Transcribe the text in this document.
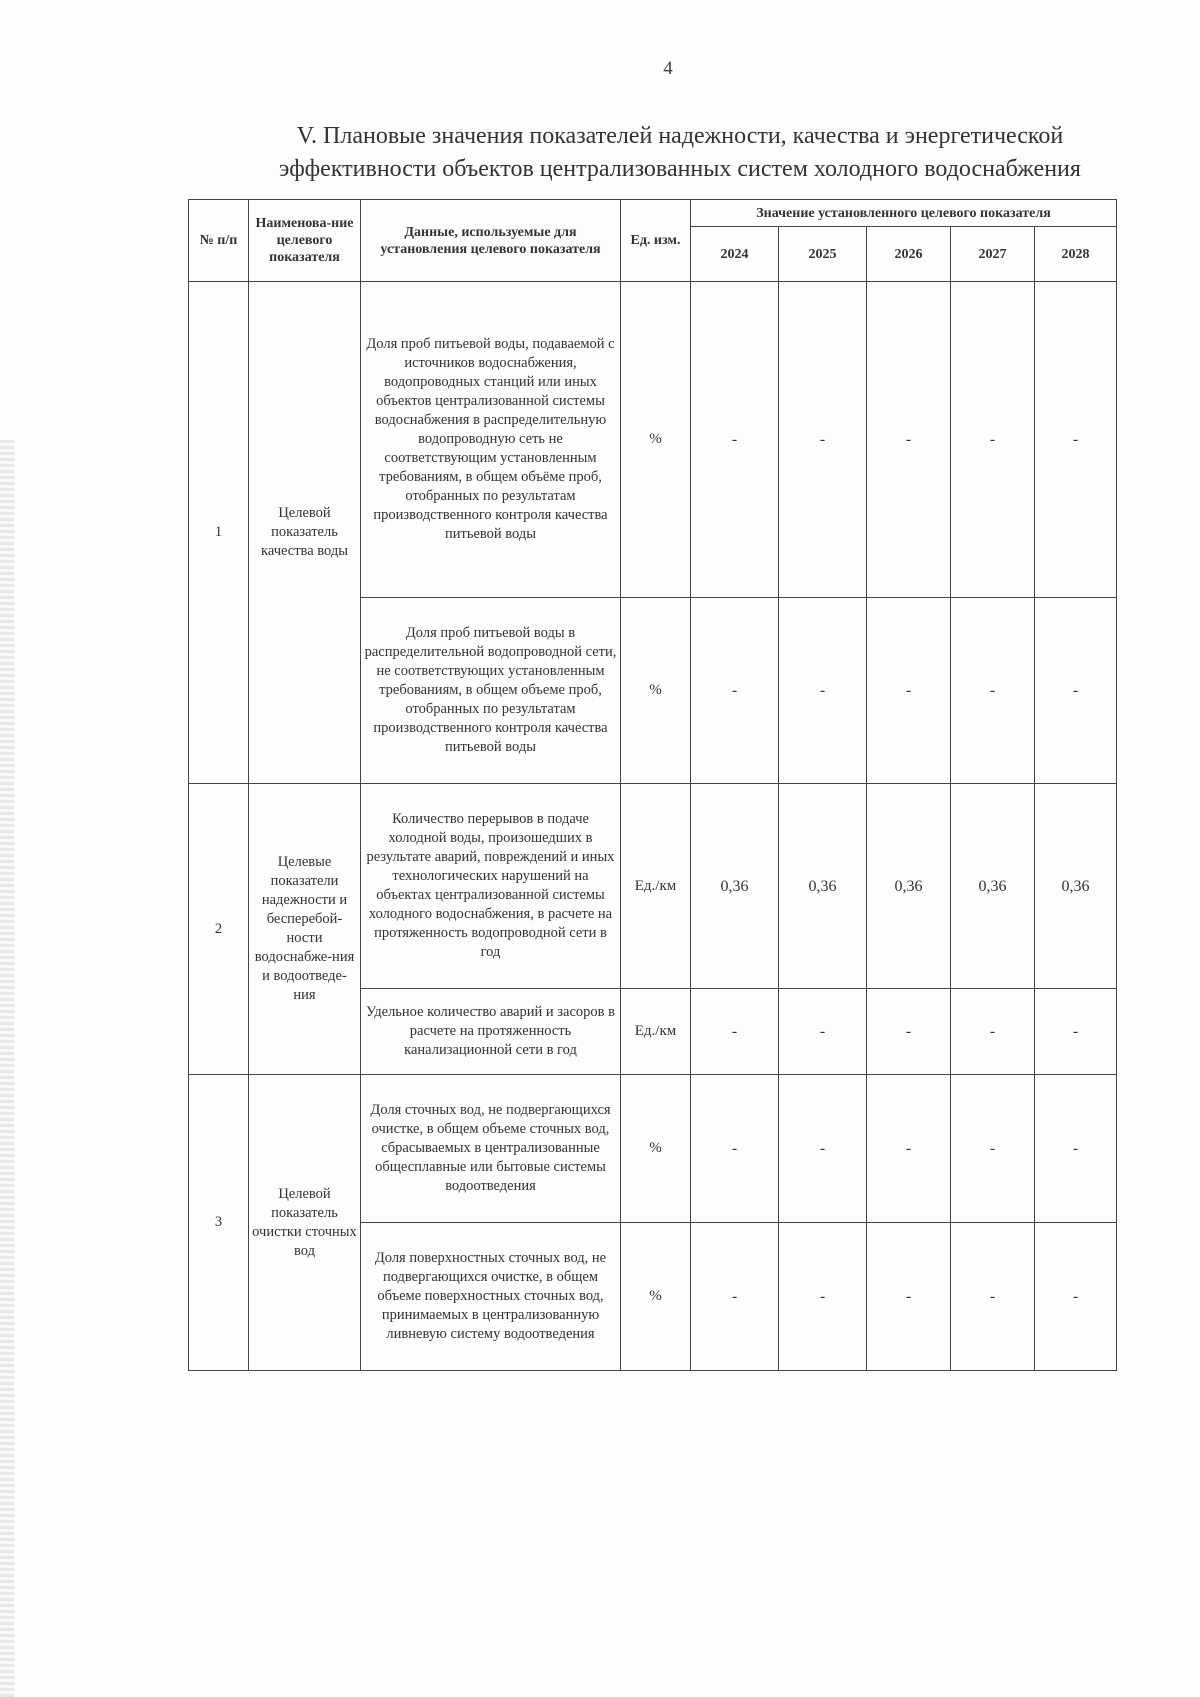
4
V. Плановые значения показателей надежности, качества и энергетической
эффективности объектов централизованных систем холодного водоснабжения
№ п/п	Наименова-ние целевого показателя	Данные, используемые для установления целевого показателя	Ед. изм.	Значение установленного целевого показателя				
				2024	2025	2026	2027	2028
1	Целевой показатель качества воды	Доля проб питьевой воды, подаваемой с источников водоснабжения, водопроводных станций или иных объектов централизованной системы водоснабжения в распределительную водопроводную сеть не соответствующим установленным требованиям, в общем объёме проб, отобранных по результатам производственного контроля качества питьевой воды	%	-	-	-	-	-
		Доля проб питьевой воды в распределительной водопроводной сети, не соответствующих установленным требованиям, в общем объеме проб, отобранных по результатам производственного контроля качества питьевой воды	%	-	-	-	-	-
2	Целевые показатели надежности и бесперебой-ности водоснабже-ния и водоотведе-ния	Количество перерывов в подаче холодной воды, произошедших в результате аварий, повреждений и иных технологических нарушений на объектах централизованной системы холодного водоснабжения, в расчете на протяженность водопроводной сети в год	Ед./км	0,36	0,36	0,36	0,36	0,36
		Удельное количество аварий и засоров в расчете на протяженность канализационной сети в год	Ед./км	-	-	-	-	-
3	Целевой показатель очистки сточных вод	Доля сточных вод, не подвергающихся очистке, в общем объеме сточных вод, сбрасываемых в централизованные общесплавные или бытовые системы водоотведения	%	-	-	-	-	-
		Доля поверхностных сточных вод, не подвергающихся очистке, в общем объеме поверхностных сточных вод, принимаемых в централизованную ливневую систему водоотведения	%	-	-	-	-	-
